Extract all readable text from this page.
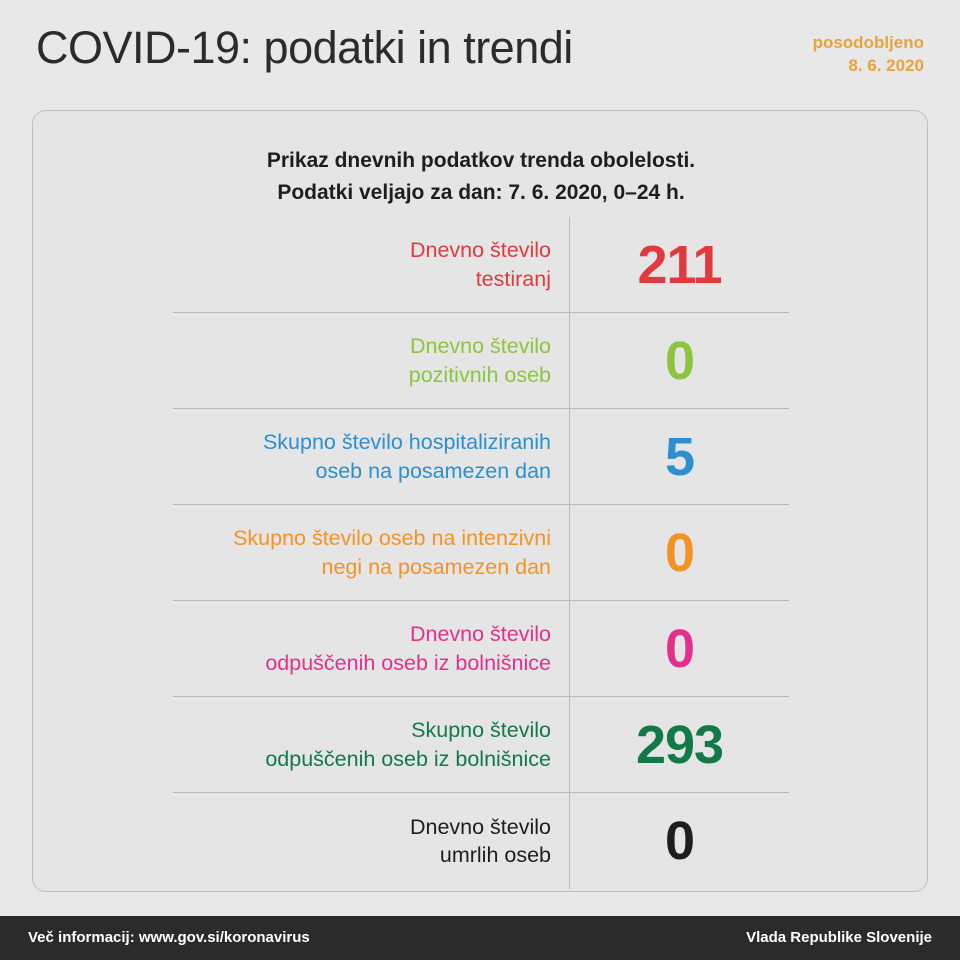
COVID-19: podatki in trendi	posodobljeno
8. 6. 2020
Prikaz dnevnih podatkov trenda obolelosti.
Podatki veljajo za dan: 7. 6. 2020, 0–24 h.
Dnevno število
testiranj	211
Dnevno število
pozitivnih oseb	0
Skupno število hospitaliziranih
oseb na posamezen dan	5
Skupno število oseb na intenzivni
negi na posamezen dan	0
Dnevno število
odpuščenih oseb iz bolnišnice	0
Skupno število
odpuščenih oseb iz bolnišnice	293
Dnevno število
umrlih oseb	0
Več informacij: www.gov.si/koronavirus	Vlada Republike Slovenije
